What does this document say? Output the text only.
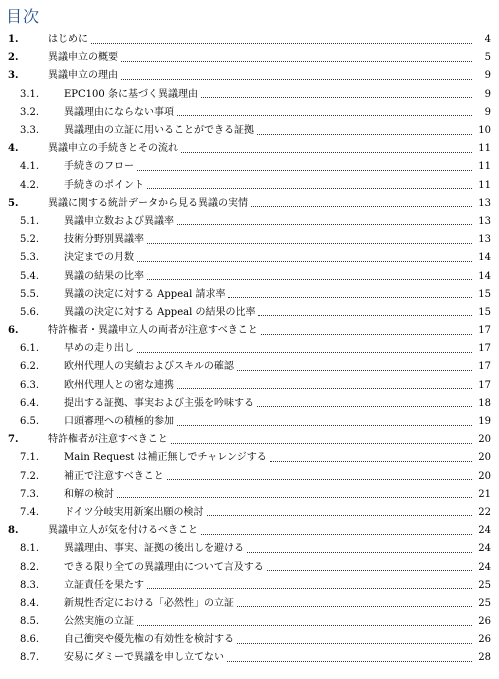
目次
1.	はじめに	4
2.	異議申立の概要	5
3.	異議申立の理由	9
3.1.	EPC100 条に基づく異議理由	9
3.2.	異議理由にならない事項	9
3.3.	異議理由の立証に用いることができる証拠	10
4.	異議申立の手続きとその流れ	11
4.1.	手続きのフロー	11
4.2.	手続きのポイント	11
5.	異議に関する統計データから見る異議の実情	13
5.1.	異議申立数および異議率	13
5.2.	技術分野別異議率	13
5.3.	決定までの月数	14
5.4.	異議の結果の比率	14
5.5.	異議の決定に対する Appeal 請求率	15
5.6.	異議の決定に対する Appeal の結果の比率	15
6.	特許権者・異議申立人の両者が注意すべきこと	17
6.1.	早めの走り出し	17
6.2.	欧州代理人の実績およびスキルの確認	17
6.3.	欧州代理人との密な連携	17
6.4.	提出する証拠、事実および主張を吟味する	18
6.5.	口頭審理への積極的参加	19
7.	特許権者が注意すべきこと	20
7.1.	Main Request は補正無しでチャレンジする	20
7.2.	補正で注意すべきこと	20
7.3.	和解の検討	21
7.4.	ドイツ分岐実用新案出願の検討	22
8.	異議申立人が気を付けるべきこと	24
8.1.	異議理由、事実、証拠の後出しを避ける	24
8.2.	できる限り全ての異議理由について言及する	24
8.3.	立証責任を果たす	25
8.4.	新規性否定における「必然性」の立証	25
8.5.	公然実施の立証	26
8.6.	自己衝突や優先権の有効性を検討する	26
8.7.	安易にダミーで異議を申し立てない	28
